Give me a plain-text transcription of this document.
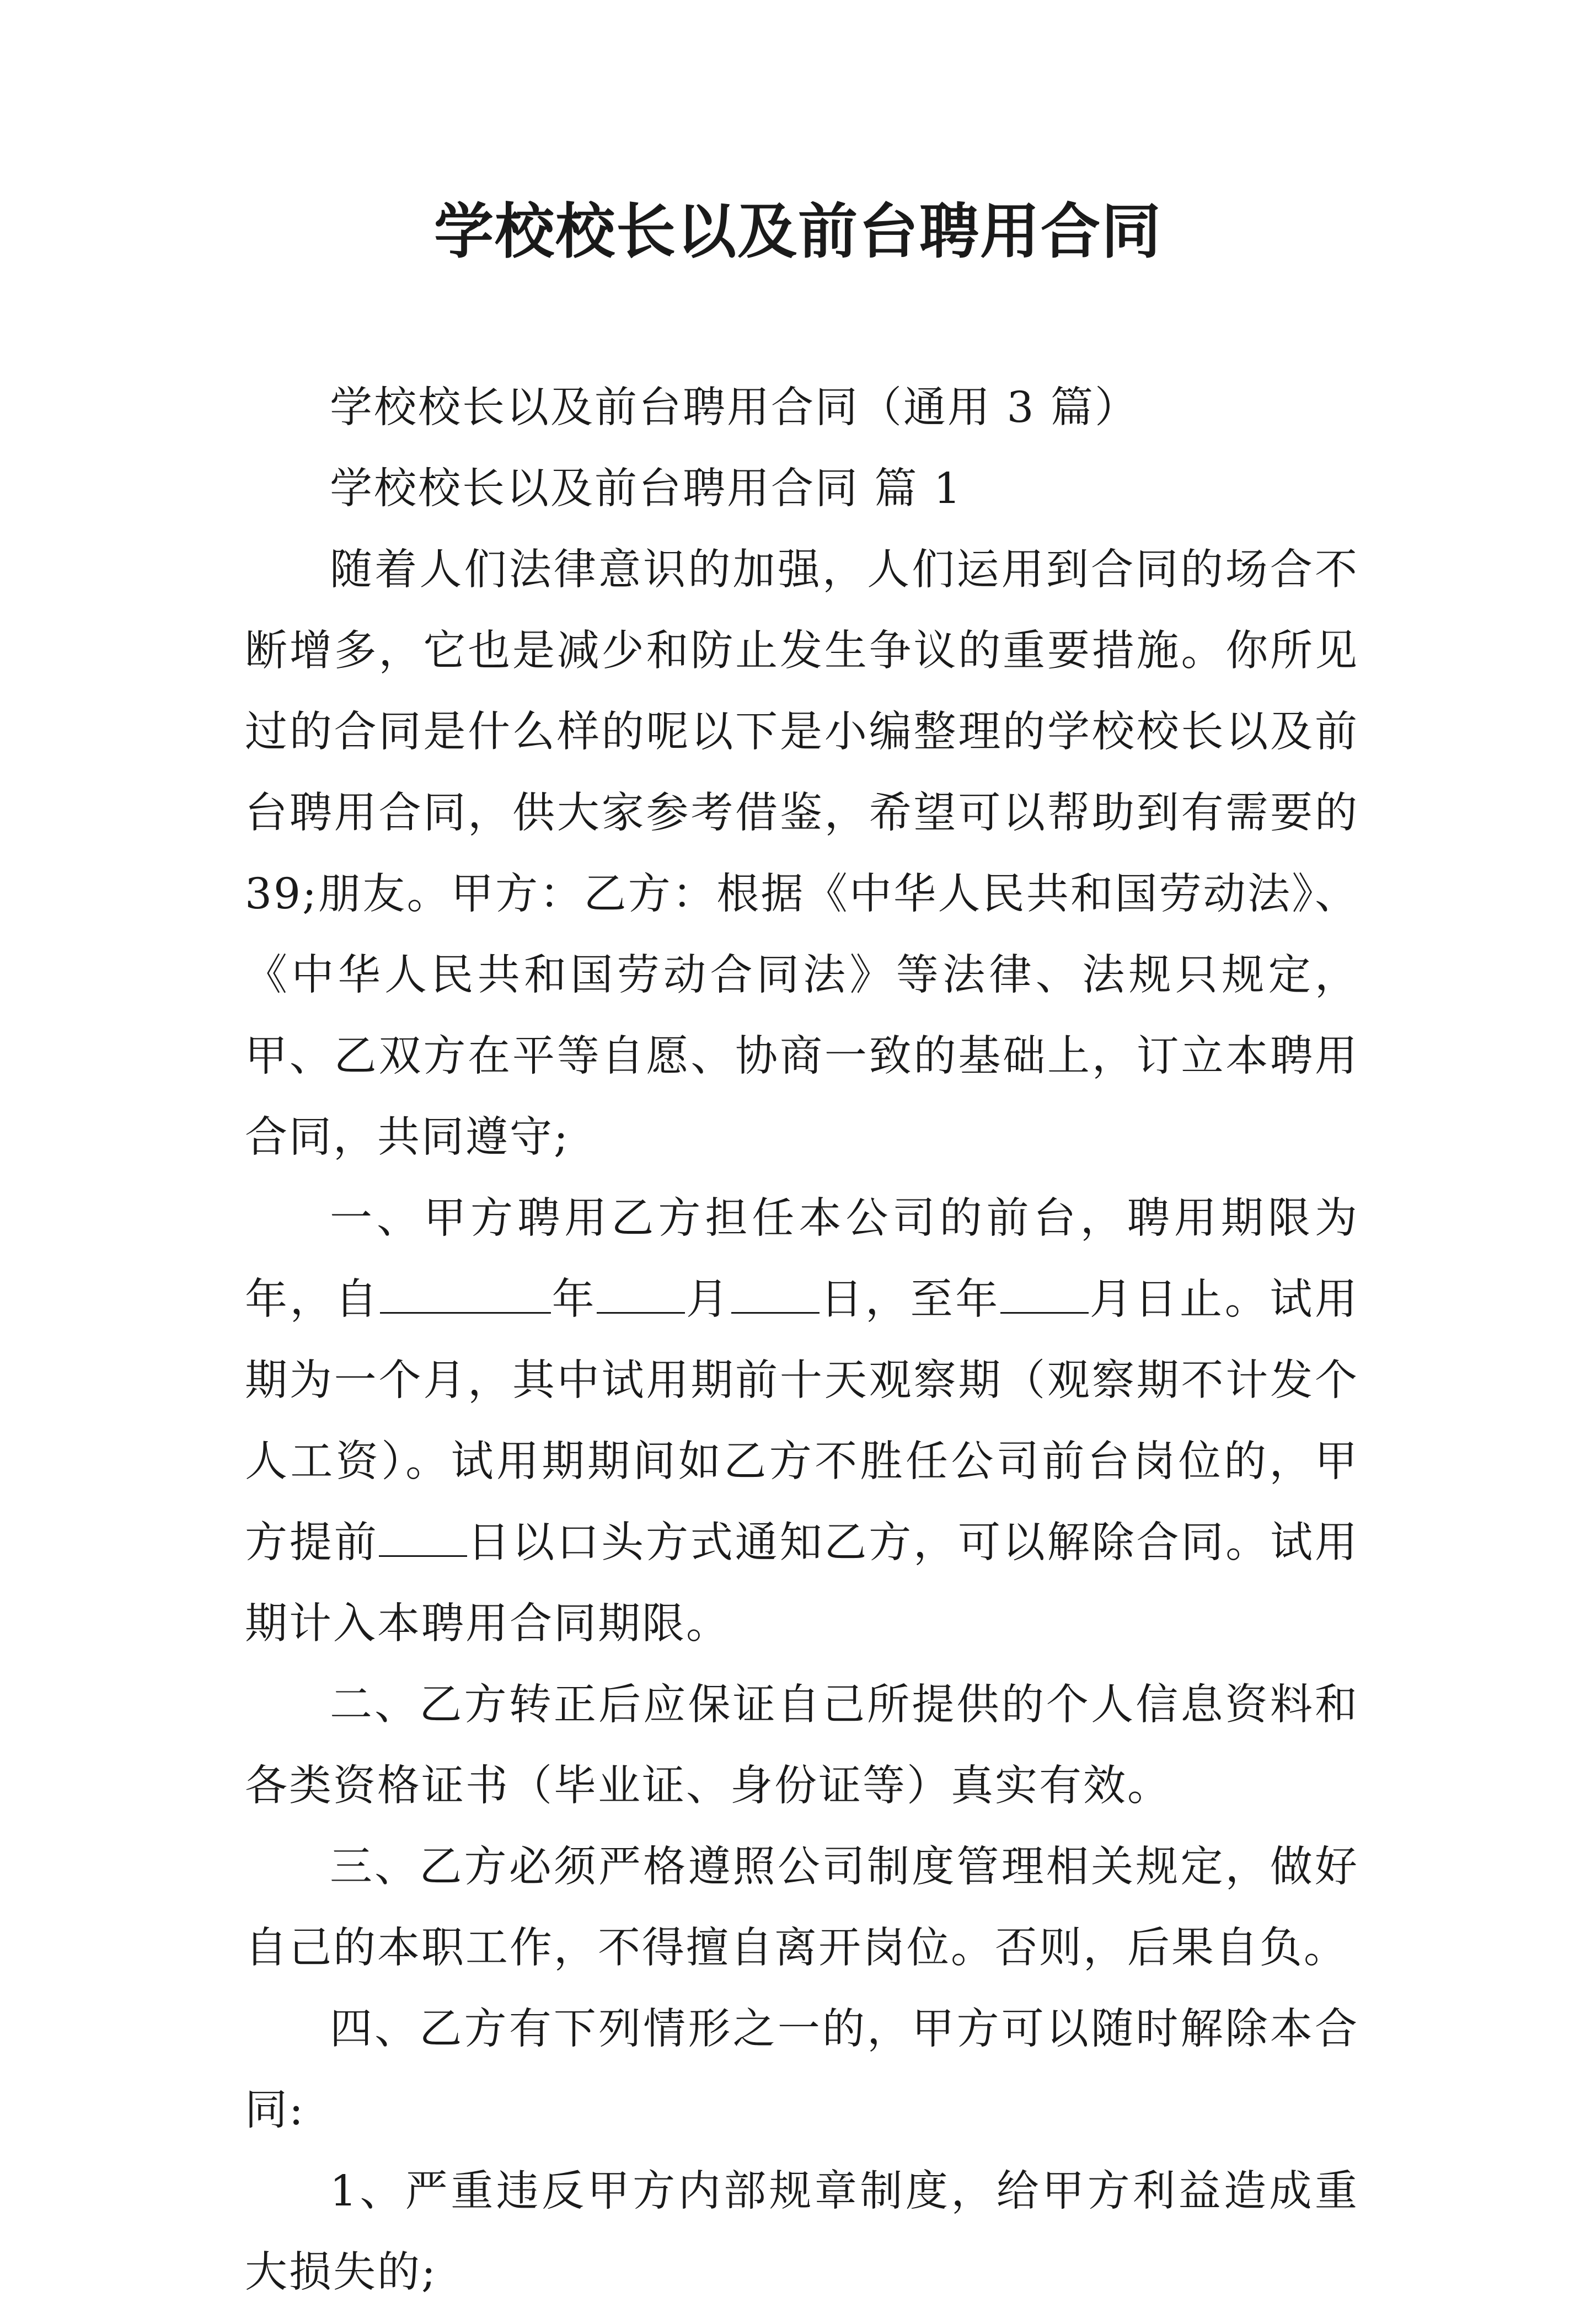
学校校长以及前台聘用合同

学校校长以及前台聘用合同（通用 3 篇）

学校校长以及前台聘用合同 篇 1

随着人们法律意识的加强，人们运用到合同的场合不断增多，它也是减少和防止发生争议的重要措施。你所见过的合同是什么样的呢以下是小编整理的学校校长以及前台聘用合同，供大家参考借鉴，希望可以帮助到有需要的39;朋友。甲方：乙方：根据《中华人民共和国劳动法》、《中华人民共和国劳动合同法》等法律、法规只规定，甲、乙双方在平等自愿、协商一致的基础上，订立本聘用合同，共同遵守;

一、甲方聘用乙方担任本公司的前台，聘用期限为年，自	年 月 日，至年 月日止。试用期为一个月，其中试用期前十天观察期（观察期不计发个人工资）。试用期期间如乙方不胜任公司前台岗位的，甲方提前 日以口头方式通知乙方，可以解除合同。试用期计入本聘用合同期限。

二、乙方转正后应保证自己所提供的个人信息资料和各类资格证书（毕业证、身份证等）真实有效。

三、乙方必须严格遵照公司制度管理相关规定，做好自己的本职工作，不得擅自离开岗位。否则，后果自负。

四、乙方有下列情形之一的，甲方可以随时解除本合同:

1、严重违反甲方内部规章制度，给甲方利益造成重大损失的;
